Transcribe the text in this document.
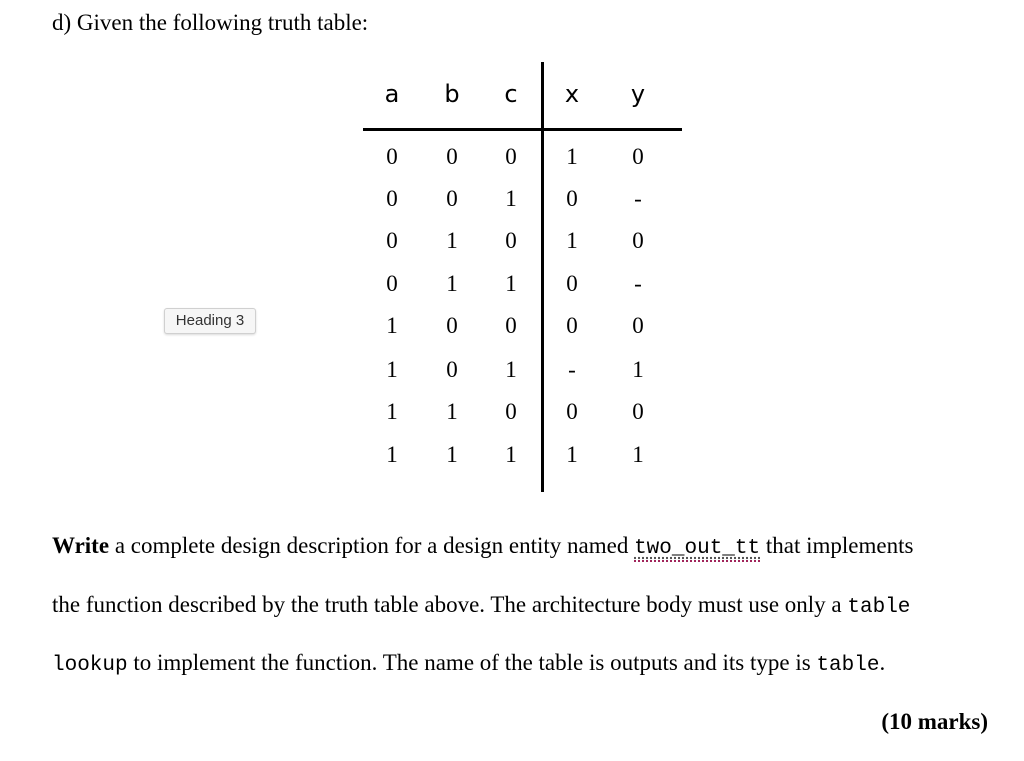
d) Given the following truth table:
Heading 3
a	b	c	x	y
0	0	0	1	0
0	0	1	0	-
0	1	0	1	0
0	1	1	0	-
1	0	0	0	0
1	0	1	-	1
1	1	0	0	0
1	1	1	1	1
Write a complete design description for a design entity named two_out_tt that implements
the function described by the truth table above. The architecture body must use only a table
lookup to implement the function. The name of the table is outputs and its type is table.
(10 marks)
